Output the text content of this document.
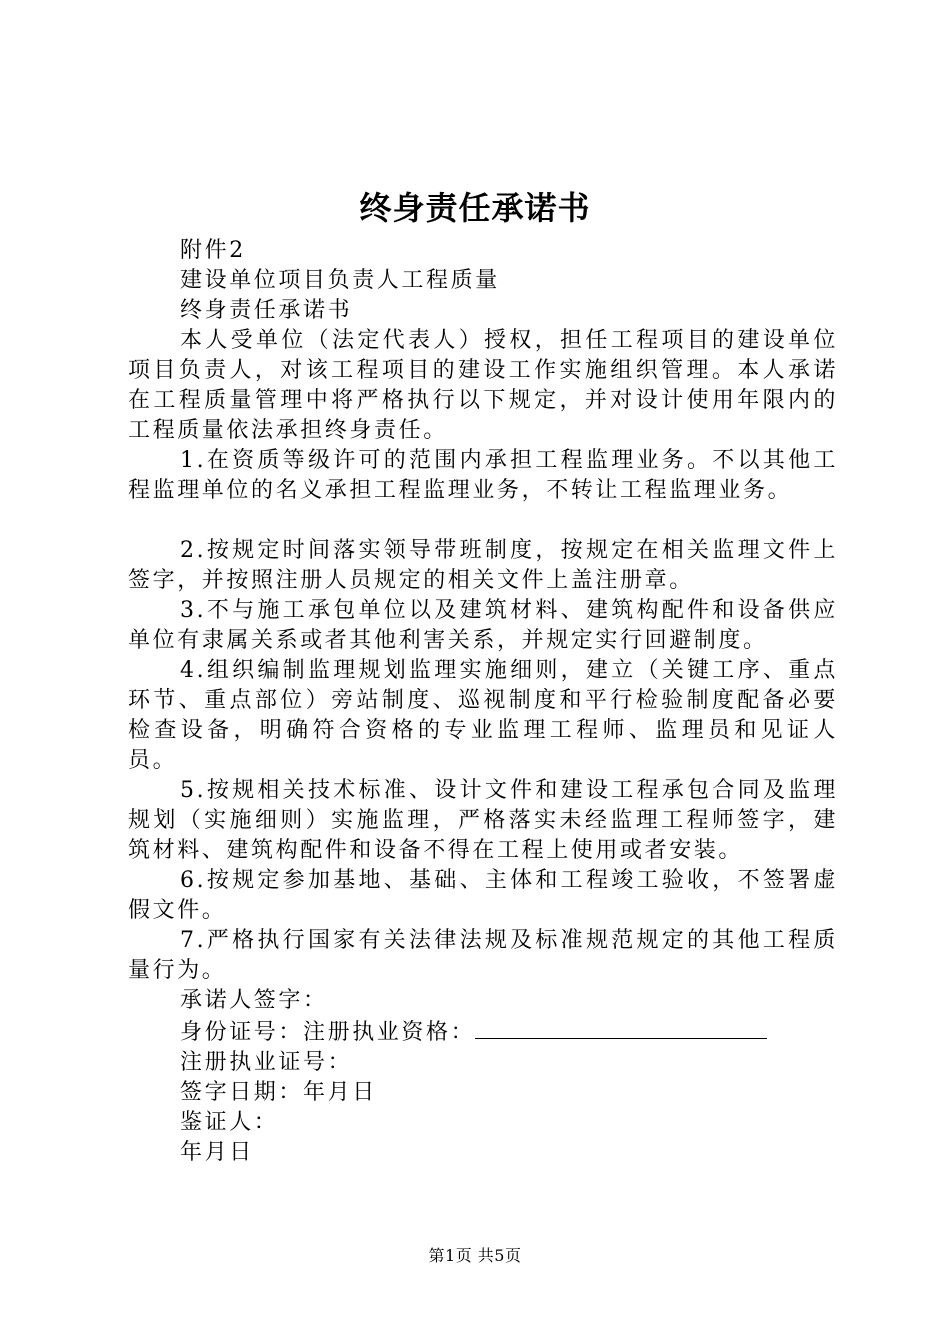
终身责任承诺书

附件2

建设单位项目负责人工程质量

终身责任承诺书

本人受单位（法定代表人）授权，担任工程项目的建设单位项目负责人，对该工程项目的建设工作实施组织管理。本人承诺在工程质量管理中将严格执行以下规定，并对设计使用年限内的工程质量依法承担终身责任。

1.在资质等级许可的范围内承担工程监理业务。不以其他工程监理单位的名义承担工程监理业务，不转让工程监理业务。

2.按规定时间落实领导带班制度，按规定在相关监理文件上签字，并按照注册人员规定的相关文件上盖注册章。

3.不与施工承包单位以及建筑材料、建筑构配件和设备供应单位有隶属关系或者其他利害关系，并规定实行回避制度。

4.组织编制监理规划监理实施细则，建立（关键工序、重点环节、重点部位）旁站制度、巡视制度和平行检验制度配备必要检查设备，明确符合资格的专业监理工程师、监理员和见证人员。

5.按规相关技术标准、设计文件和建设工程承包合同及监理规划（实施细则）实施监理，严格落实未经监理工程师签字，建筑材料、建筑构配件和设备不得在工程上使用或者安装。

6.按规定参加基地、基础、主体和工程竣工验收，不签署虚假文件。

7.严格执行国家有关法律法规及标准规范规定的其他工程质量行为。

承诺人签字：

身份证号：注册执业资格：

注册执业证号：

签字日期：年月日

鉴证人：

年月日

第1页 共5页
